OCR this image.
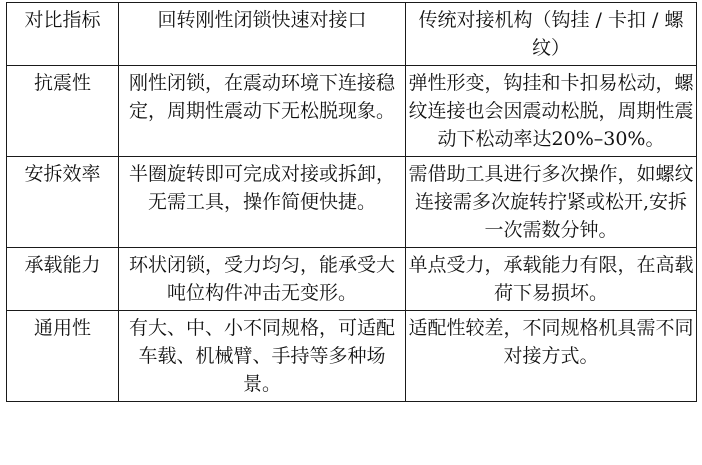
对比指标	回转刚性闭锁快速对接口	传统对接机构（钩挂 / 卡扣 / 螺纹）
抗震性	刚性闭锁，在震动环境下连接稳定，周期性震动下无松脱现象。	弹性形变，钩挂和卡扣易松动，螺纹连接也会因震动松脱，周期性震动下松动率达20%–30%。
安拆效率	半圈旋转即可完成对接或拆卸，无需工具，操作简便快捷。	需借助工具进行多次操作，如螺纹连接需多次旋转拧紧或松开,安拆一次需数分钟。
承载能力	环状闭锁，受力均匀，能承受大吨位构件冲击无变形。	单点受力，承载能力有限，在高载荷下易损坏。
通用性	有大、中、小不同规格，可适配车载、机械臂、手持等多种场景。	适配性较差，不同规格机具需不同对接方式。
